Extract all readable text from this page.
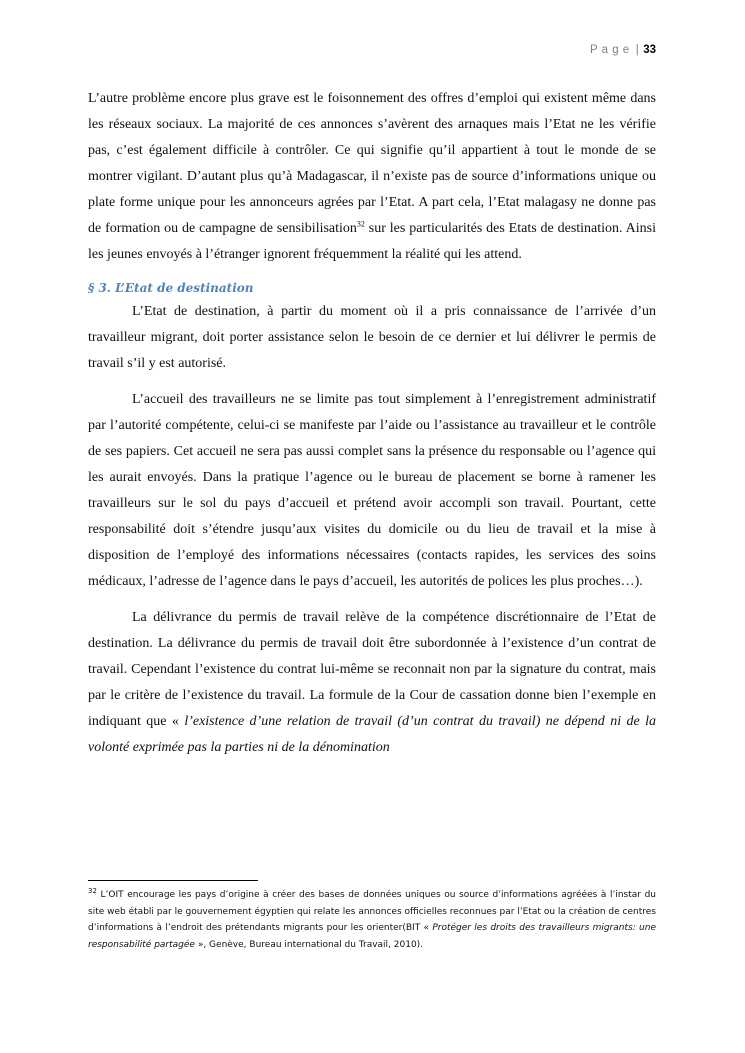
P a g e | 33

L’autre problème encore plus grave est le foisonnement des offres d’emploi qui existent même dans les réseaux sociaux. La majorité de ces annonces s’avèrent des arnaques mais l’Etat ne les vérifie pas, c’est également difficile à contrôler. Ce qui signifie qu’il appartient à tout le monde de se montrer vigilant. D’autant plus qu’à Madagascar, il n’existe pas de source d’informations unique ou plate forme unique pour les annonceurs agrées par l’Etat. A part cela, l’Etat malagasy ne donne pas de formation ou de campagne de sensibilisation$^{32}$ sur les particularités des Etats de destination. Ainsi les jeunes envoyés à l’étranger ignorent fréquemment la réalité qui les attend.

§ 3. L’Etat de destination

L’Etat de destination, à partir du moment où il a pris connaissance de l’arrivée d’un travailleur migrant, doit porter assistance selon le besoin de ce dernier et lui délivrer le permis de travail s’il y est autorisé.

L’accueil des travailleurs ne se limite pas tout simplement à l’enregistrement administratif par l’autorité compétente, celui-ci se manifeste par l’aide ou l’assistance au travailleur et le contrôle de ses papiers. Cet accueil ne sera pas aussi complet sans la présence du responsable ou l’agence qui les aurait envoyés. Dans la pratique l’agence ou le bureau de placement se borne à ramener les travailleurs sur le sol du pays d’accueil et prétend avoir accompli son travail. Pourtant, cette responsabilité doit s’étendre jusqu’aux visites du domicile ou du lieu de travail et la mise à disposition de l’employé des informations nécessaires (contacts rapides, les services des soins médicaux, l’adresse de l’agence dans le pays d’accueil, les autorités de polices les plus proches…).

La délivrance du permis de travail relève de la compétence discrétionnaire de l’Etat de destination. La délivrance du permis de travail doit être subordonnée à l’existence d’un contrat de travail. Cependant l’existence du contrat lui-même se reconnait non par la signature du contrat, mais par le critère de l’existence du travail. La formule de la Cour de cassation donne bien l’exemple en indiquant que « l’existence d’une relation de travail (d’un contrat du travail) ne dépend ni de la volonté exprimée pas la parties ni de la dénomination

$^{32}$ L’OIT encourage les pays d’origine à créer des bases de données uniques ou source d’informations agréées à l’instar du site web établi par le gouvernement égyptien qui relate les annonces officielles reconnues par l’Etat ou la création de centres d’informations à l’endroit des prétendants migrants pour les orienter(BIT « Protéger les droits des travailleurs migrants: une responsabilité partagée », Genève, Bureau international du Travail, 2010).
